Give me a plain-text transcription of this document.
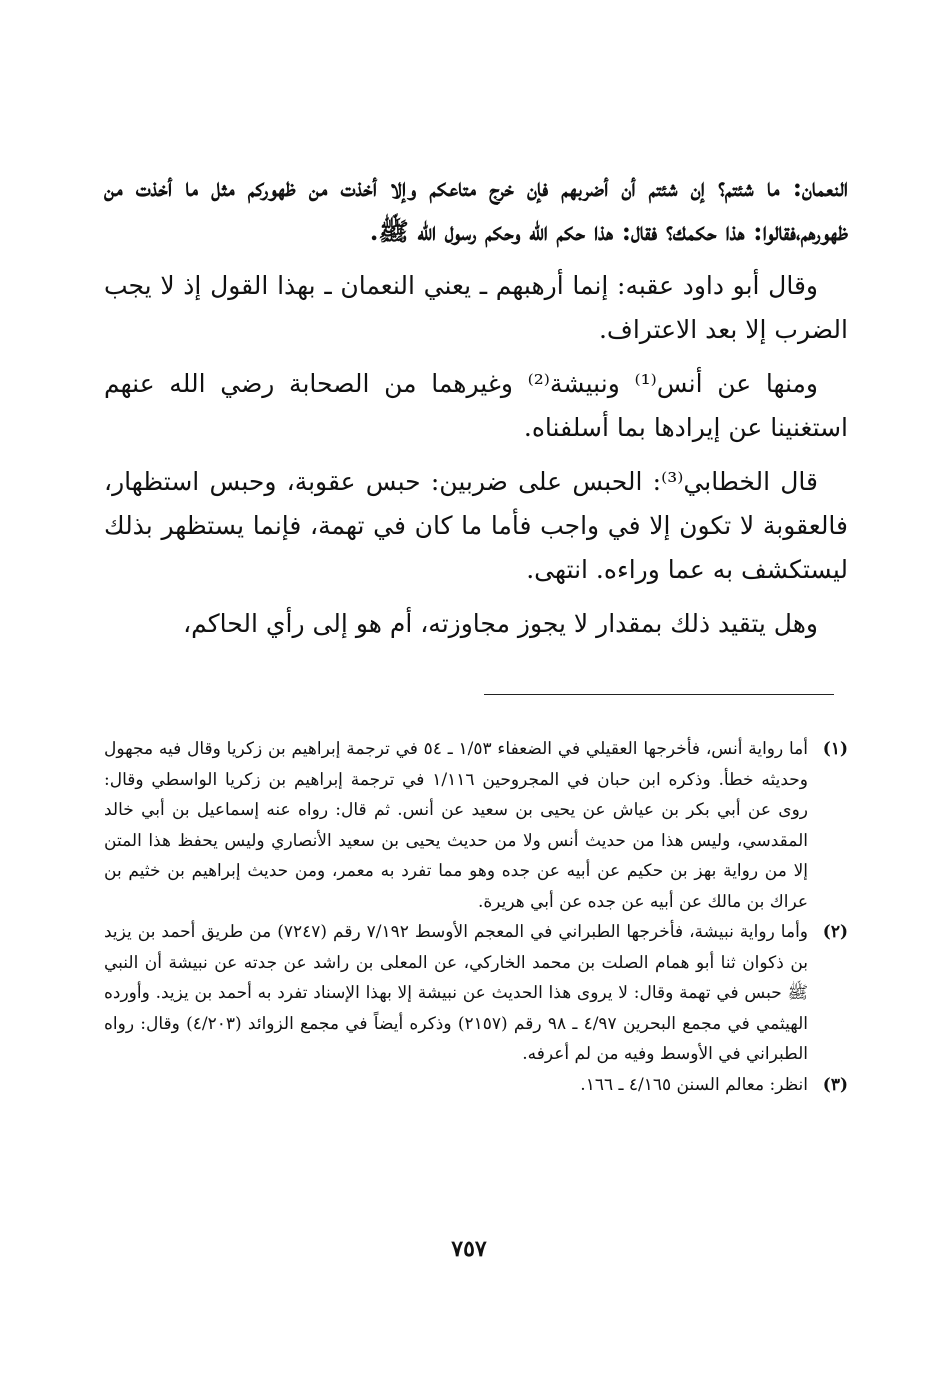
النعمان: ما شئتم؟ إن شئتم أن أضربهم فإن خرج متاعكم وإلا أخذت من ظهوركم مثل ما أخذت من ظهورهم،فقالوا: هذا حكمك؟ فقال: هذا حكم الله وحكم رسول الله ﷺ.

وقال أبو داود عقبه: إنما أرهبهم ـ يعني النعمان ـ بهذا القول إذ لا يجب الضرب إلا بعد الاعتراف.

ومنها عن أنس⁽¹⁾ ونبيشة⁽²⁾ وغيرهما من الصحابة رضي الله عنهم استغنينا عن إيرادها بما أسلفناه.

قال الخطابي⁽³⁾: الحبس على ضربين: حبس عقوبة، وحبس استظهار، فالعقوبة لا تكون إلا في واجب فأما ما كان في تهمة، فإنما يستظهر بذلك ليستكشف به عما وراءه. انتهى.

وهل يتقيد ذلك بمقدار لا يجوز مجاوزته، أم هو إلى رأي الحاكم،

(١)
أما رواية أنس، فأخرجها العقيلي في الضعفاء ١/٥٣ ـ ٥٤ في ترجمة إبراهيم بن زكريا وقال فيه مجهول وحديثه خطأ. وذكره ابن حبان في المجروحين ١/١١٦ في ترجمة إبراهيم بن زكريا الواسطي وقال: روى عن أبي بكر بن عياش عن يحيى بن سعيد عن أنس. ثم قال: رواه عنه إسماعيل بن أبي خالد المقدسي، وليس هذا من حديث أنس ولا من حديث يحيى بن سعيد الأنصاري وليس يحفظ هذا المتن إلا من رواية بهز بن حكيم عن أبيه عن جده وهو مما تفرد به معمر، ومن حديث إبراهيم بن خثيم بن عراك بن مالك عن أبيه عن جده عن أبي هريرة.
(٢)
وأما رواية نبيشة، فأخرجها الطبراني في المعجم الأوسط ٧/١٩٢ رقم (٧٢٤٧) من طريق أحمد بن يزيد بن ذكوان ثنا أبو همام الصلت بن محمد الخاركي، عن المعلى بن راشد عن جدته عن نبيشة أن النبي ﷺ حبس في تهمة وقال: لا يروى هذا الحديث عن نبيشة إلا بهذا الإسناد تفرد به أحمد بن يزيد. وأورده الهيثمي في مجمع البحرين ٤/٩٧ ـ ٩٨ رقم (٢١٥٧) وذكره أيضاً في مجمع الزوائد (٤/٢٠٣) وقال: رواه الطبراني في الأوسط وفيه من لم أعرفه.
(٣)
انظر: معالم السنن ٤/١٦٥ ـ ١٦٦.
٧٥٧
